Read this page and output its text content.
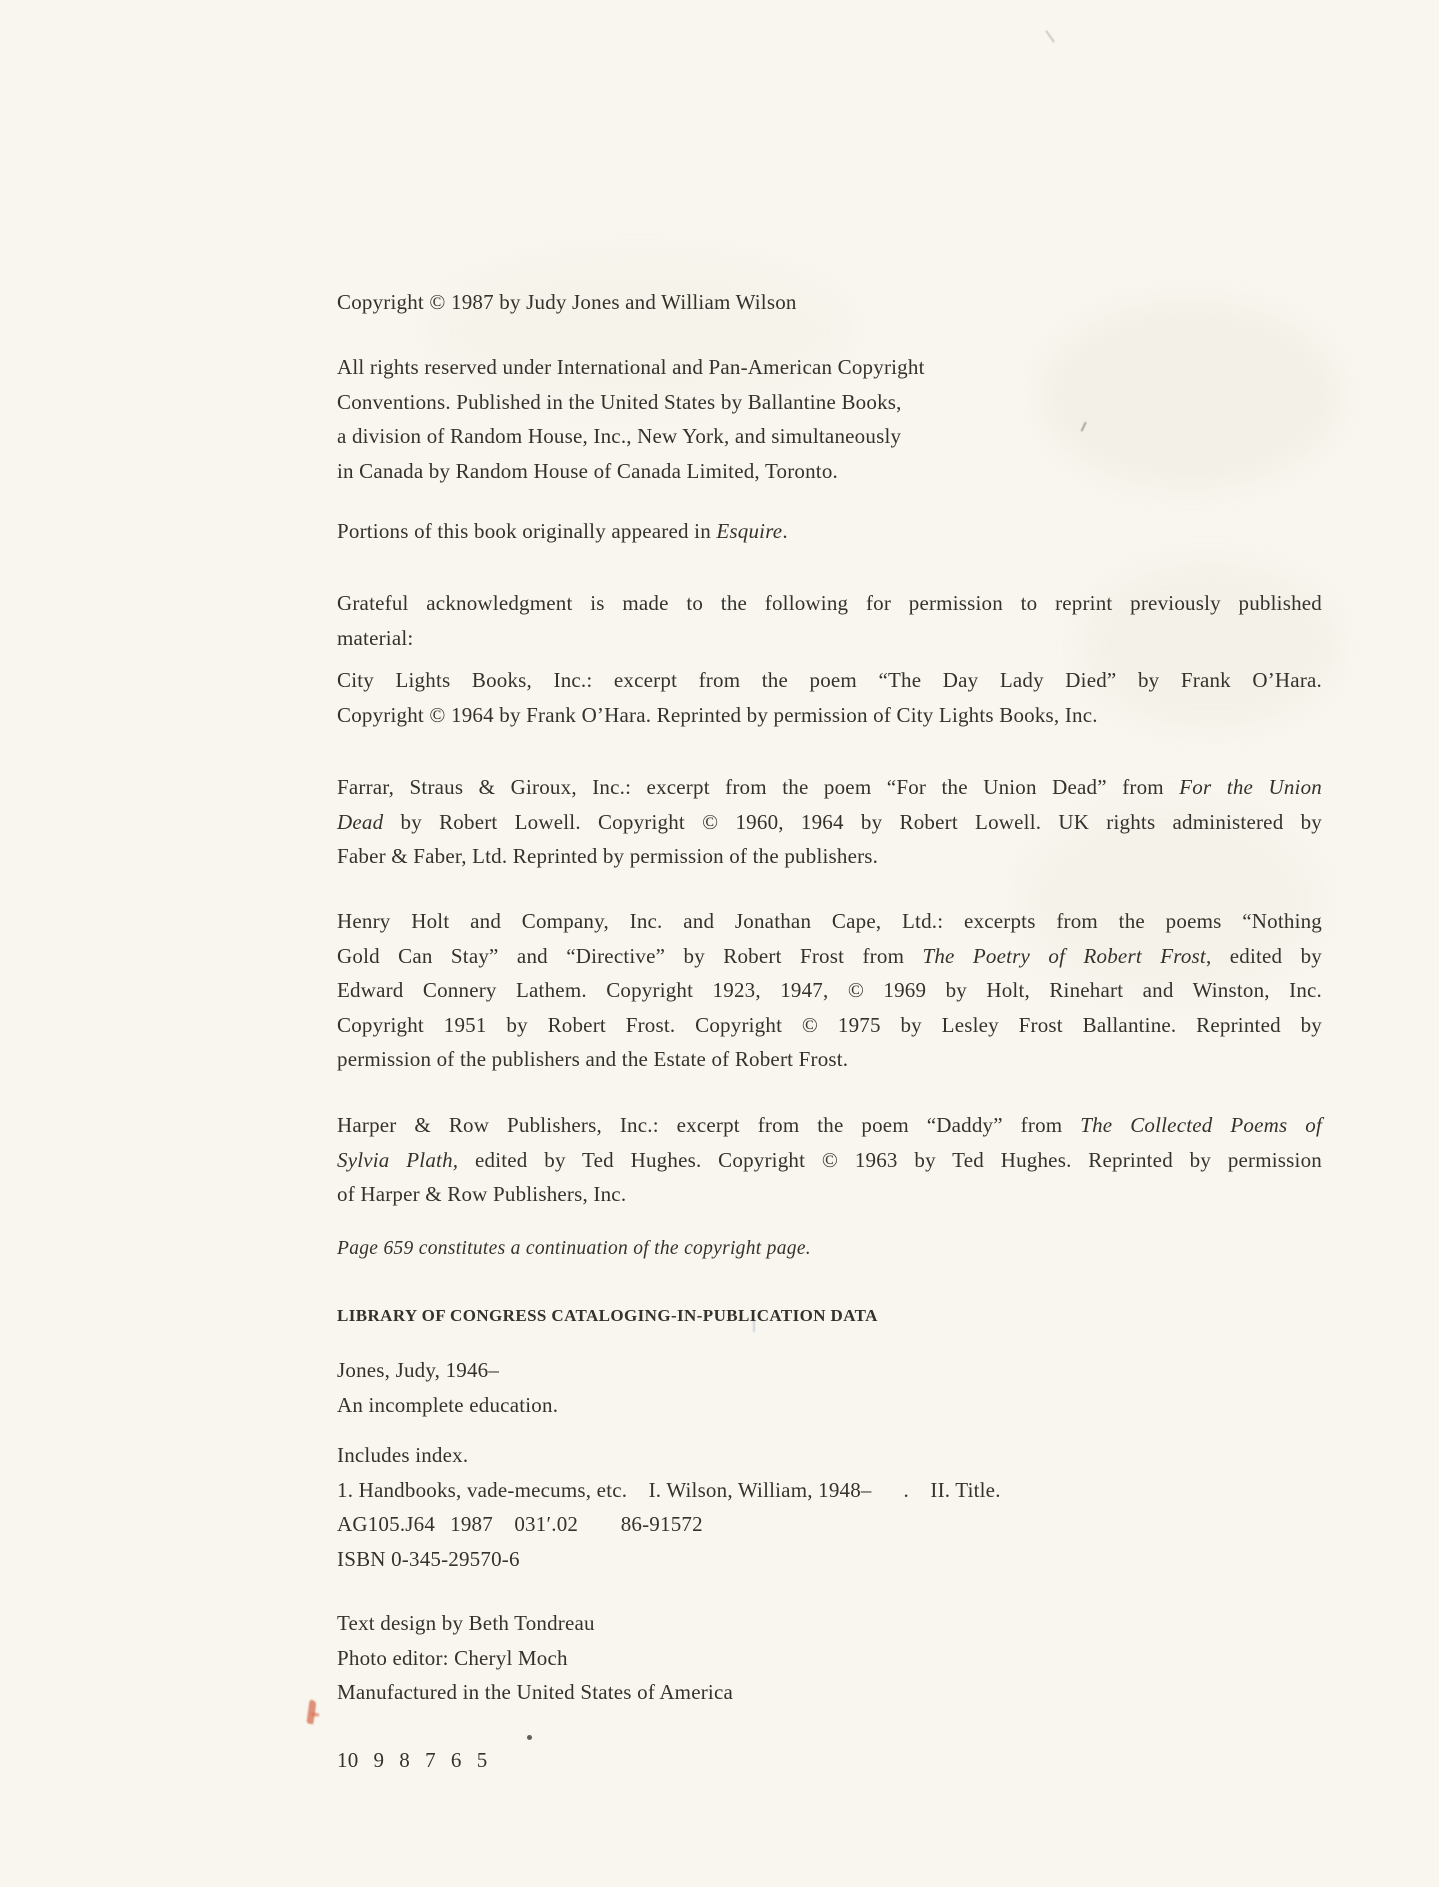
Copyright © 1987 by Judy Jones and William Wilson
All rights reserved under International and Pan-American Copyright
Conventions. Published in the United States by Ballantine Books,
a division of Random House, Inc., New York, and simultaneously
in Canada by Random House of Canada Limited, Toronto.
Portions of this book originally appeared in Esquire.
Grateful acknowledgment is made to the following for permission to reprint previously published
material:
City Lights Books, Inc.: excerpt from the poem “The Day Lady Died” by Frank O’Hara.
Copyright © 1964 by Frank O’Hara. Reprinted by permission of City Lights Books, Inc.
Farrar, Straus & Giroux, Inc.: excerpt from the poem “For the Union Dead” from For the Union
Dead by Robert Lowell. Copyright © 1960, 1964 by Robert Lowell. UK rights administered by
Faber & Faber, Ltd. Reprinted by permission of the publishers.
Henry Holt and Company, Inc. and Jonathan Cape, Ltd.: excerpts from the poems “Nothing
Gold Can Stay” and “Directive” by Robert Frost from The Poetry of Robert Frost, edited by
Edward Connery Lathem. Copyright 1923, 1947, © 1969 by Holt, Rinehart and Winston, Inc.
Copyright 1951 by Robert Frost. Copyright © 1975 by Lesley Frost Ballantine. Reprinted by
permission of the publishers and the Estate of Robert Frost.
Harper & Row Publishers, Inc.: excerpt from the poem “Daddy” from The Collected Poems of
Sylvia Plath, edited by Ted Hughes. Copyright © 1963 by Ted Hughes. Reprinted by permission
of Harper & Row Publishers, Inc.
Page 659 constitutes a continuation of the copyright page.
LIBRARY OF CONGRESS CATALOGING-IN-PUBLICATION DATA
Jones, Judy, 1946–
An incomplete education.
Includes index.
1. Handbooks, vade-mecums, etc.  I. Wilson, William, 1948–  .  II. Title.
AG105.J64  1987  031′.02   86-91572
ISBN 0-345-29570-6
Text design by Beth Tondreau
Photo editor: Cheryl Moch
Manufactured in the United States of America
10  9  8  7  6  5
